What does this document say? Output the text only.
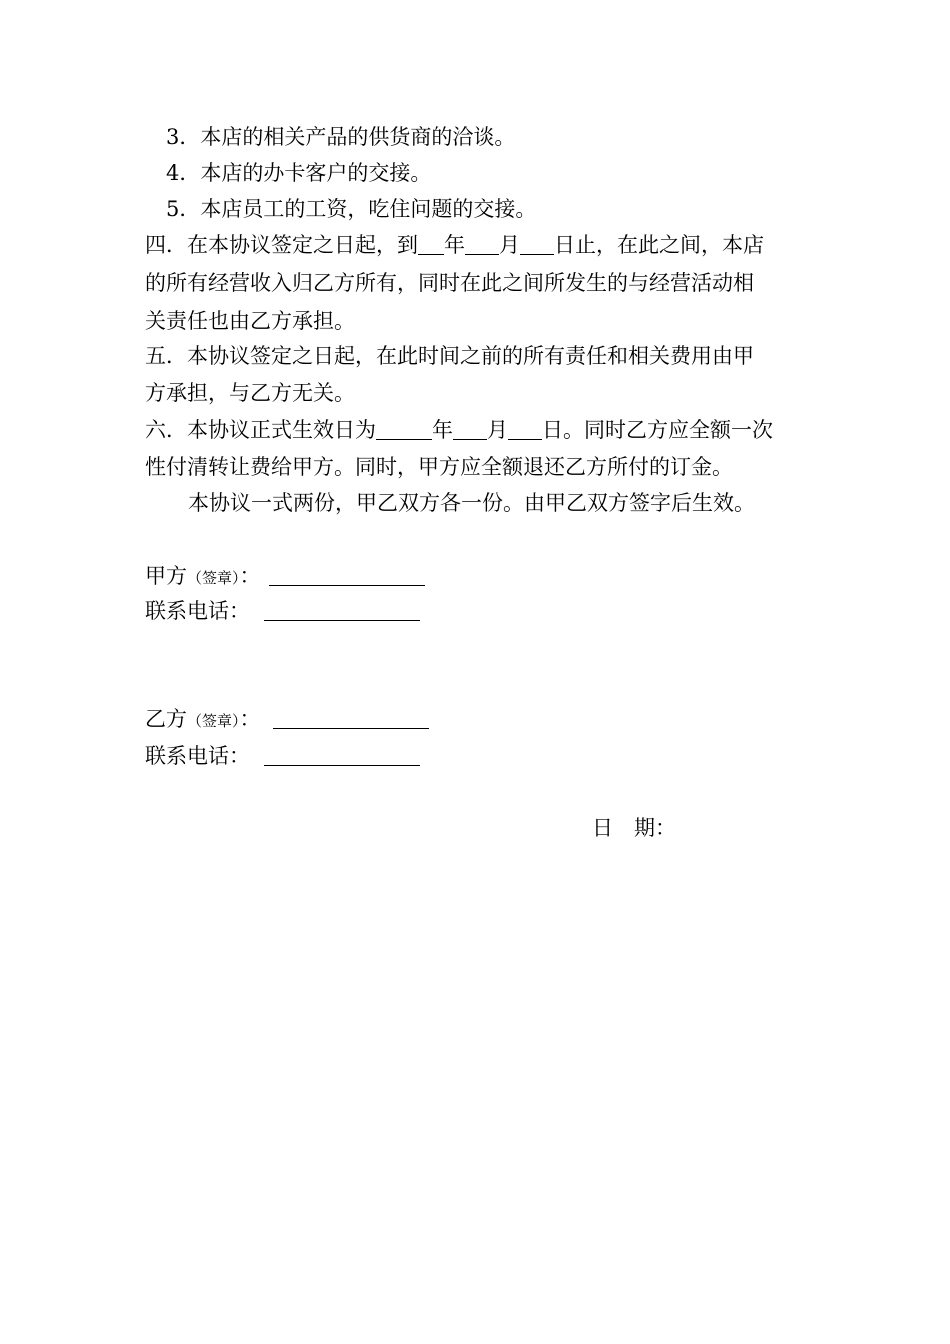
3．本店的相关产品的供货商的洽谈。
4．本店的办卡客户的交接。
5．本店员工的工资，吃住问题的交接。
四．在本协议签定之日起，到 年 月 日止，在此之间，本店
的所有经营收入归乙方所有，同时在此之间所发生的与经营活动相
关责任也由乙方承担。
五．本协议签定之日起，在此时间之前的所有责任和相关费用由甲
方承担，与乙方无关。
六．本协议正式生效日为	年 月 日。同时乙方应全额一次
性付清转让费给甲方。同时，甲方应全额退还乙方所付的订金。
本协议一式两份，甲乙双方各一份。由甲乙双方签字后生效。
甲方（签章）：
联系电话：
乙方（签章）：
联系电话：
日　期：
